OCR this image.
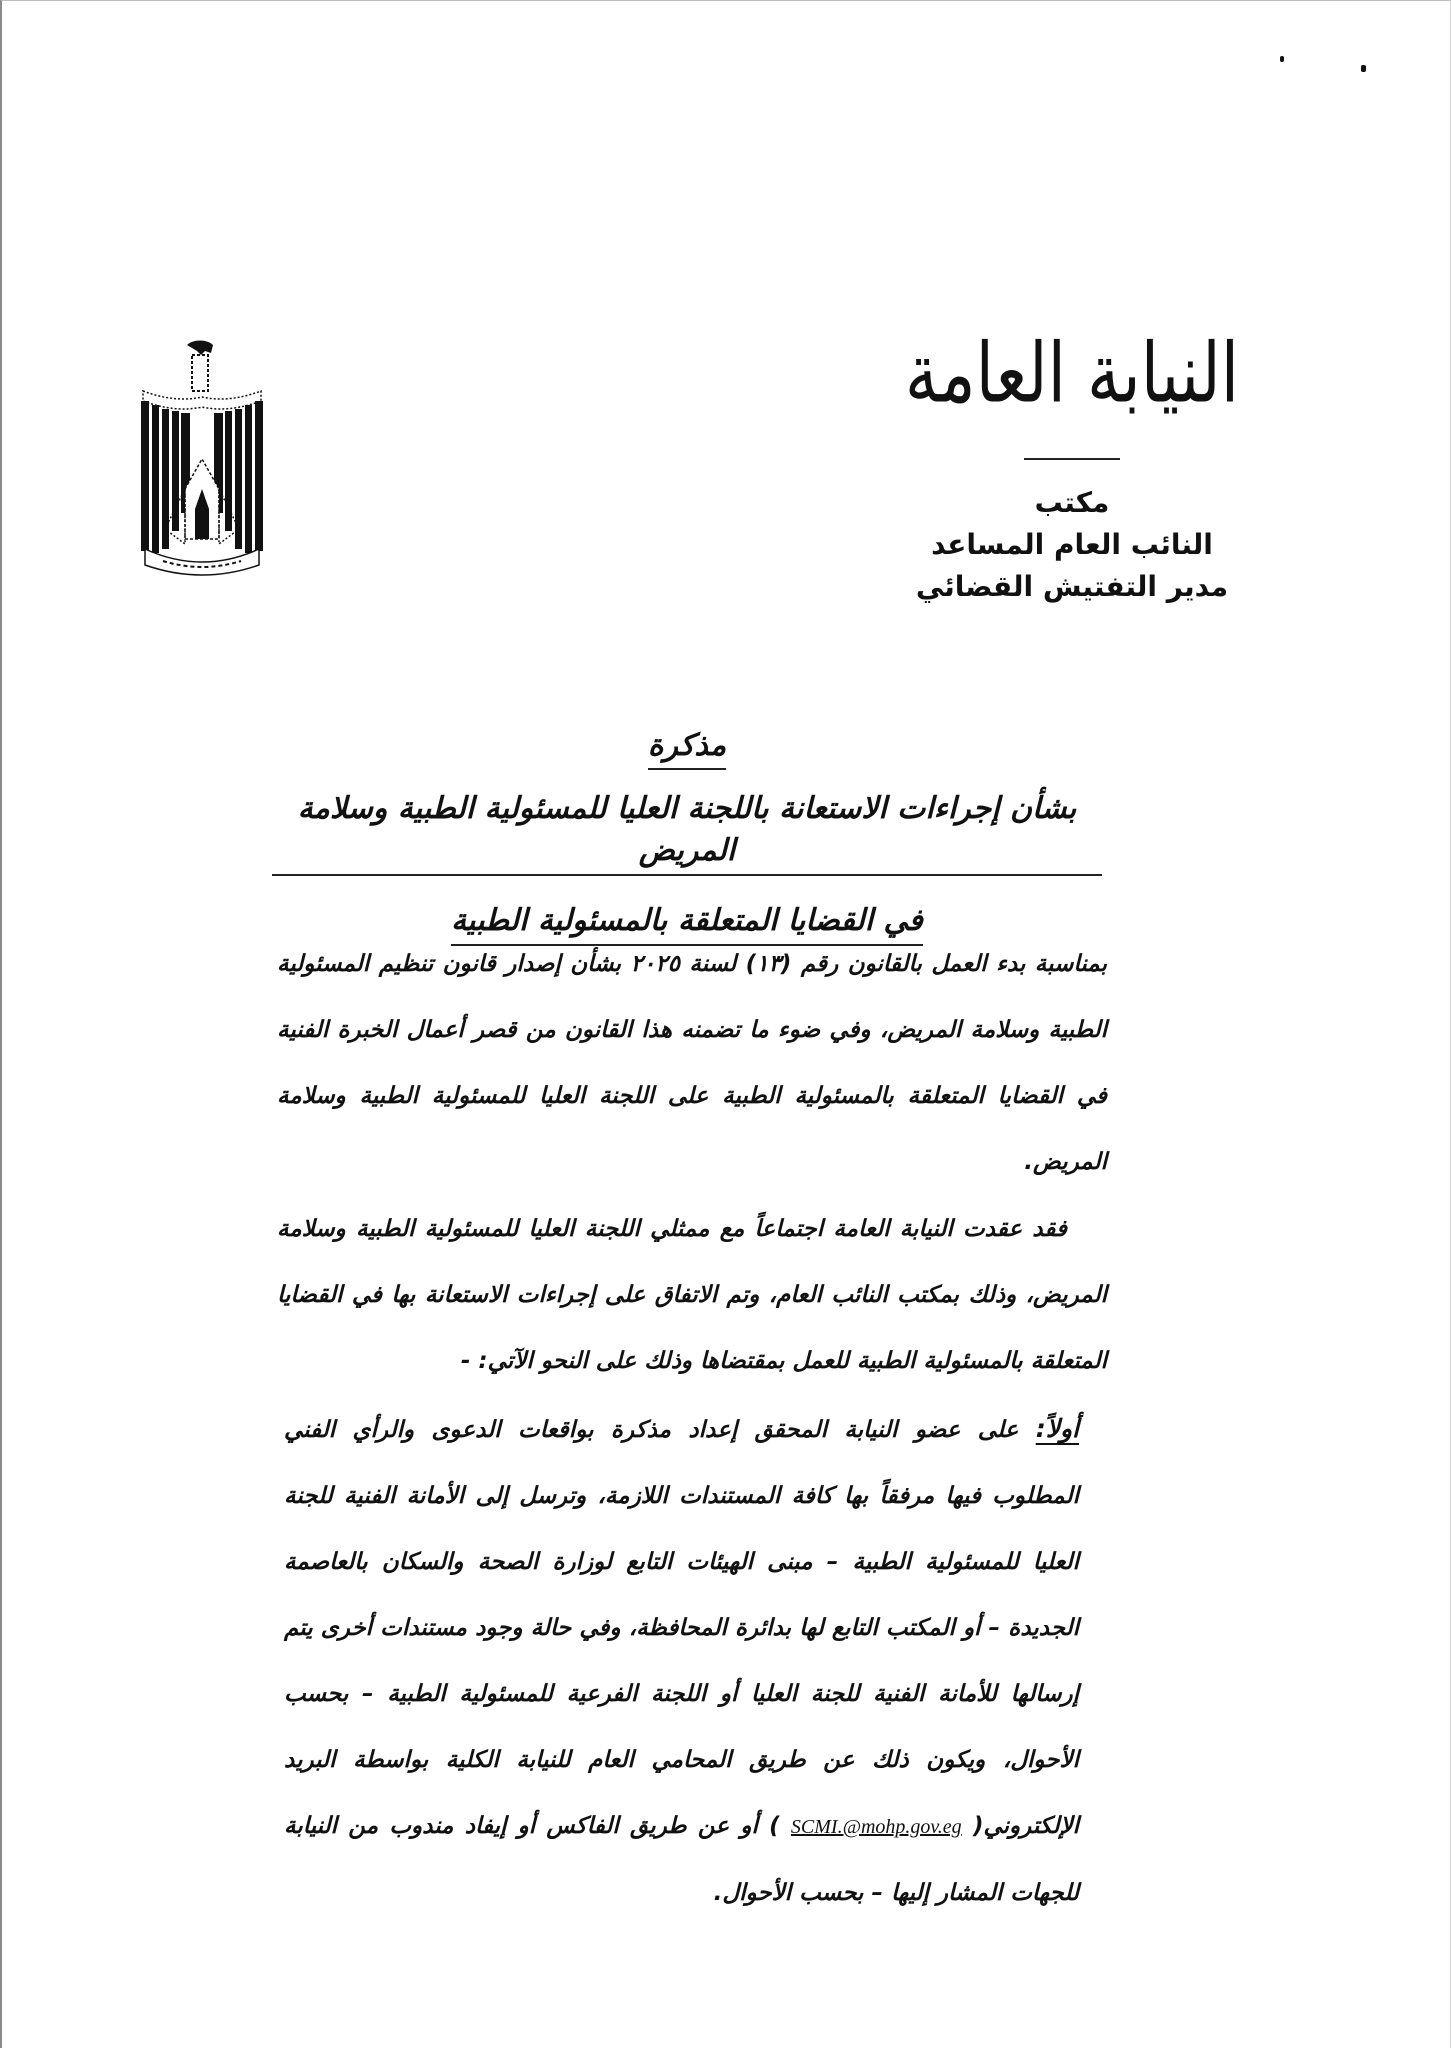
النيابة العامة
مكتب
النائب العام المساعد
مدير التفتيش القضائي
مذكرة
بشأن إجراءات الاستعانة باللجنة العليا للمسئولية الطبية وسلامة المريض
في القضايا المتعلقة بالمسئولية الطبية
بمناسبة بدء العمل بالقانون رقم (١٣) لسنة ٢٠٢٥ بشأن إصدار قانون تنظيم المسئولية الطبية وسلامة المريض، وفي ضوء ما تضمنه هذا القانون من قصر أعمال الخبرة الفنية في القضايا المتعلقة بالمسئولية الطبية على اللجنة العليا للمسئولية الطبية وسلامة المريض.
فقد عقدت النيابة العامة اجتماعاً مع ممثلي اللجنة العليا للمسئولية الطبية وسلامة المريض، وذلك بمكتب النائب العام، وتم الاتفاق على إجراءات الاستعانة بها في القضايا المتعلقة بالمسئولية الطبية للعمل بمقتضاها وذلك على النحو الآتي: -
أولاً: على عضو النيابة المحقق إعداد مذكرة بواقعات الدعوى والرأي الفني المطلوب فيها مرفقاً بها كافة المستندات اللازمة، وترسل إلى الأمانة الفنية للجنة العليا للمسئولية الطبية – مبنى الهيئات التابع لوزارة الصحة والسكان بالعاصمة الجديدة – أو المكتب التابع لها بدائرة المحافظة، وفي حالة وجود مستندات أخرى يتم إرسالها للأمانة الفنية للجنة العليا أو اللجنة الفرعية للمسئولية الطبية – بحسب الأحوال، ويكون ذلك عن طريق المحامي العام للنيابة الكلية بواسطة البريد الإلكتروني( SCMI.@mohp.gov.eg ) أو عن طريق الفاكس أو إيفاد مندوب من النيابة للجهات المشار إليها – بحسب الأحوال.
